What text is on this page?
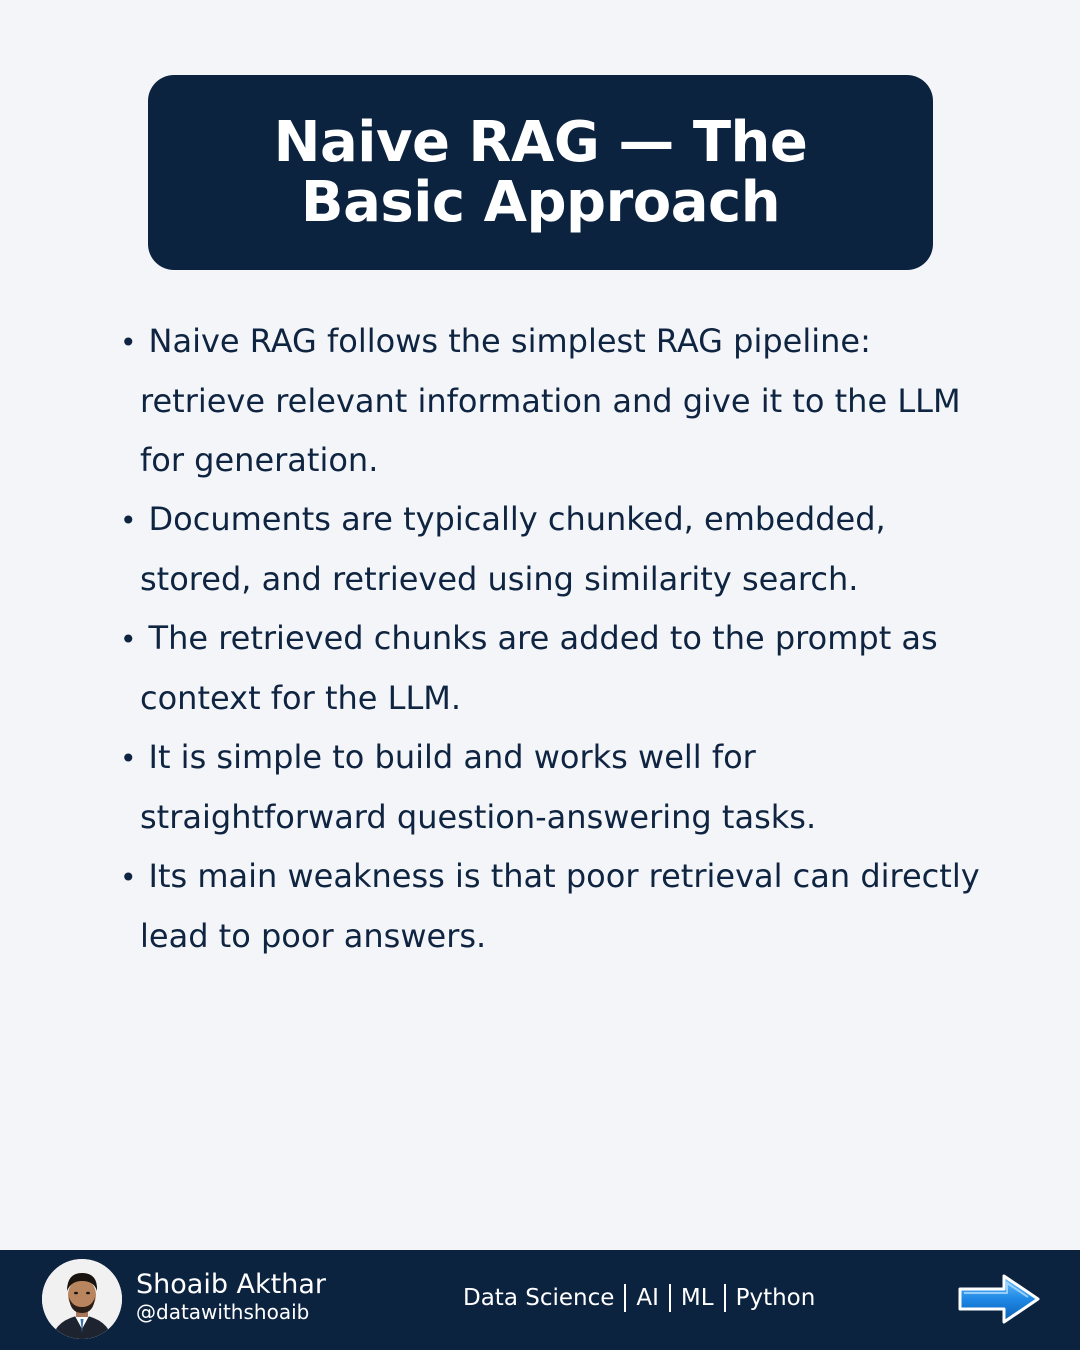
Naive RAG — The Basic Approach
• Naive RAG follows the simplest RAG pipeline: retrieve relevant information and give it to the LLM for generation.
• Documents are typically chunked, embedded, stored, and retrieved using similarity search.
• The retrieved chunks are added to the prompt as context for the LLM.
• It is simple to build and works well for straightforward question-answering tasks.
• Its main weakness is that poor retrieval can directly lead to poor answers.
Shoaib Akthar
@datawithshoaib
Data Science AI ML Python
